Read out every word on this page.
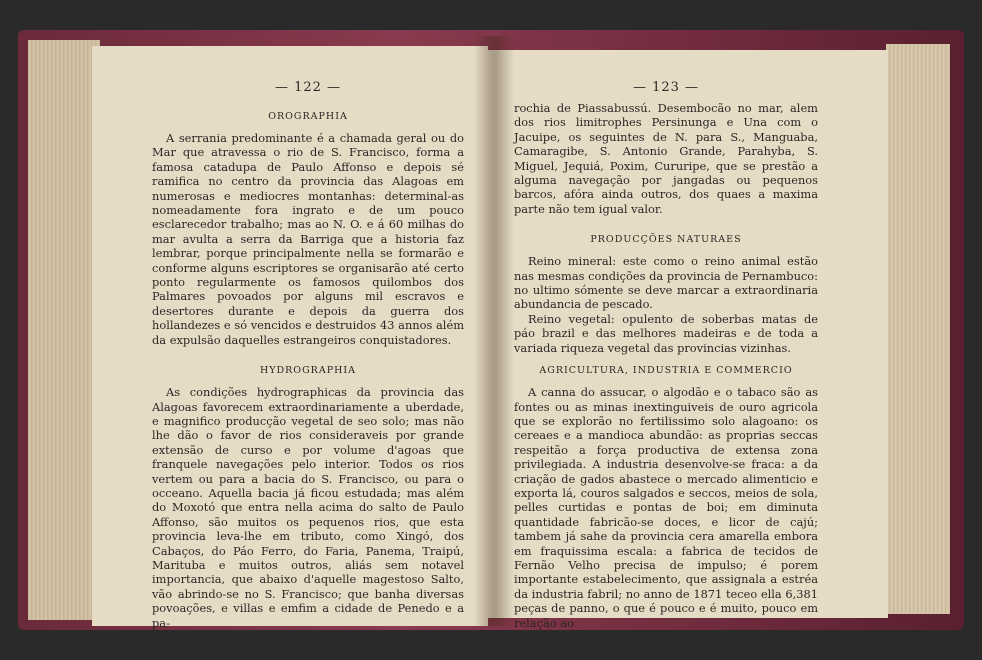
— 122 —
OROGRAPHIA

A serrania predominante é a chamada geral ou do Mar que atravessa o rio de S. Francisco, forma a famosa catadupa de Paulo Affonso e depois sé ramifica no centro da provincia das Alagoas em numerosas e mediocres montanhas: determinal-as nomeadamente fora ingrato e de um pouco esclarecedor trabalho; mas ao N. O. e á 60 milhas do mar avulta a serra da Barriga que a historia faz lembrar, porque principalmente nella se formarão e conforme alguns escriptores se organisarão até certo ponto regularmente os famosos quilombos dos Palmares povoados por alguns mil escravos e desertores durante e depois da guerra dos hollandezes e só vencidos e destruidos 43 annos além da expulsão daquelles estrangeiros conquistadores.

HYDROGRAPHIA

As condições hydrographicas da provincia das Alagoas favorecem extraordinariamente a uberdade, e magnifico producção vegetal de seo solo; mas não lhe dão o favor de rios consideraveis por grande extensão de curso e por volume d'agoas que franquele navegações pelo interior. Todos os rios vertem ou para a bacia do S. Francisco, ou para o occeano. Aquella bacia já ficou estudada; mas além do Moxotó que entra nella acima do salto de Paulo Affonso, são muitos os pequenos rios, que esta provincia leva-lhe em tributo, como Xingó, dos Cabaços, do Páo Ferro, do Faria, Panema, Traipú, Marituba e muitos outros, aliás sem notavel importancia, que abaixo d'aquelle magestoso Salto, vão abrindo-se no S. Francisco; que banha diversas povoações, e villas e emfim a cidade de Penedo e a pa-

— 123 —

rochia de Piassabussú. Desembocão no mar, alem dos rios limitrophes Persinunga e Una com o Jacuipe, os seguintes de N. para S., Manguaba, Camaragibe, S. Antonio Grande, Parahyba, S. Miguel, Jequiá, Poxim, Cururipe, que se prestão a alguma navegação por jangadas ou pequenos barcos, afóra ainda outros, dos quaes a maxima parte não tem igual valor.

PRODUCÇÕES NATURAES

Reino mineral: este como o reino animal estão nas mesmas condições da provincia de Pernambuco: no ultimo sómente se deve marcar a extraordinaria abundancia de pescado.

Reino vegetal: opulento de soberbas matas de páo brazil e das melhores madeiras e de toda a variada riqueza vegetal das provincias vizinhas.

AGRICULTURA, INDUSTRIA E COMMERCIO

A canna do assucar, o algodão e o tabaco são as fontes ou as minas inextinguiveis de ouro agricola que se explorão no fertilissimo solo alagoano: os cereaes e a mandioca abundão: as proprias seccas respeitão a força productiva de extensa zona privilegiada. A industria desenvolve-se fraca: a da criação de gados abastece o mercado alimenticio e exporta lá, couros salgados e seccos, meios de sola, pelles curtidas e pontas de boi; em diminuta quantidade fabricão-se doces, e licor de cajú; tambem já sahe da provincia cera amarella embora em fraquissima escala: a fabrica de tecidos de Fernão Velho precisa de impulso; é porem importante estabelecimento, que assignala a estréa da industria fabril; no anno de 1871 teceo ella 6,381 peças de panno, o que é pouco e é muito, pouco em relação ao
